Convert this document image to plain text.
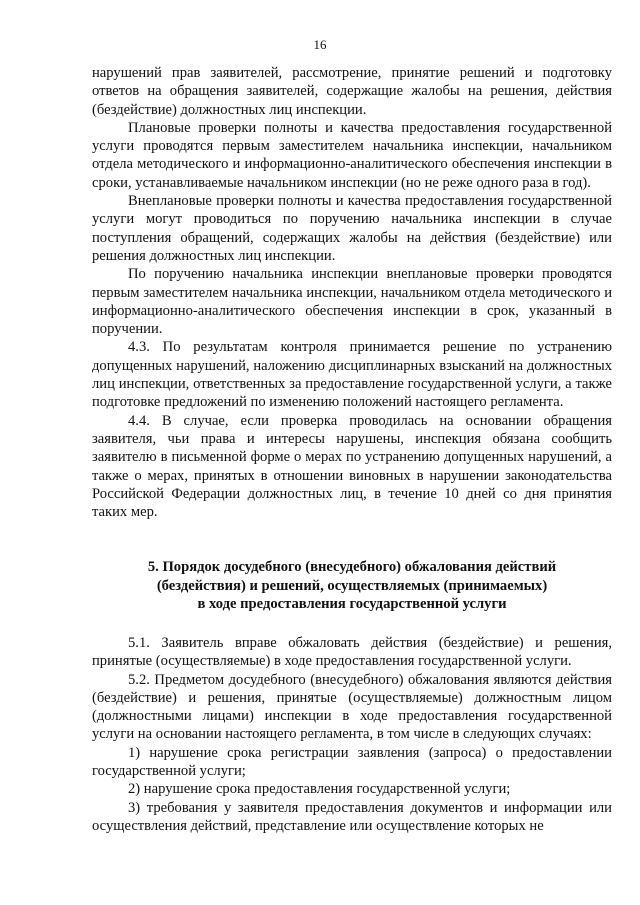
16

нарушений прав заявителей, рассмотрение, принятие решений и подготовку ответов на обращения заявителей, содержащие жалобы на решения, действия (бездействие) должностных лиц инспекции.

Плановые проверки полноты и качества предоставления государственной услуги проводятся первым заместителем начальника инспекции, начальником отдела методического и информационно-аналитического обеспечения инспекции в сроки, устанавливаемые начальником инспекции (но не реже одного раза в год).

Внеплановые проверки полноты и качества предоставления государственной услуги могут проводиться по поручению начальника инспекции в случае поступления обращений, содержащих жалобы на действия (бездействие) или решения должностных лиц инспекции.

По поручению начальника инспекции внеплановые проверки проводятся первым заместителем начальника инспекции, начальником отдела методического и информационно-аналитического обеспечения инспекции в срок, указанный в поручении.

4.3. По результатам контроля принимается решение по устранению допущенных нарушений, наложению дисциплинарных взысканий на должностных лиц инспекции, ответственных за предоставление государственной услуги, а также подготовке предложений по изменению положений настоящего регламента.

4.4. В случае, если проверка проводилась на основании обращения заявителя, чьи права и интересы нарушены, инспекция обязана сообщить заявителю в письменной форме о мерах по устранению допущенных нарушений, а также о мерах, принятых в отношении виновных в нарушении законодательства Российской Федерации должностных лиц, в течение 10 дней со дня принятия таких мер.

5. Порядок досудебного (внесудебного) обжалования действий
(бездействия) и решений, осуществляемых (принимаемых)
в ходе предоставления государственной услуги

5.1. Заявитель вправе обжаловать действия (бездействие) и решения, принятые (осуществляемые) в ходе предоставления государственной услуги.

5.2. Предметом досудебного (внесудебного) обжалования являются действия (бездействие) и решения, принятые (осуществляемые) должностным лицом (должностными лицами) инспекции в ходе предоставления государственной услуги на основании настоящего регламента, в том числе в следующих случаях:

1) нарушение срока регистрации заявления (запроса) о предоставлении государственной услуги;

2) нарушение срока предоставления государственной услуги;

3) требования у заявителя предоставления документов и информации или осуществления действий, представление или осуществление которых не
